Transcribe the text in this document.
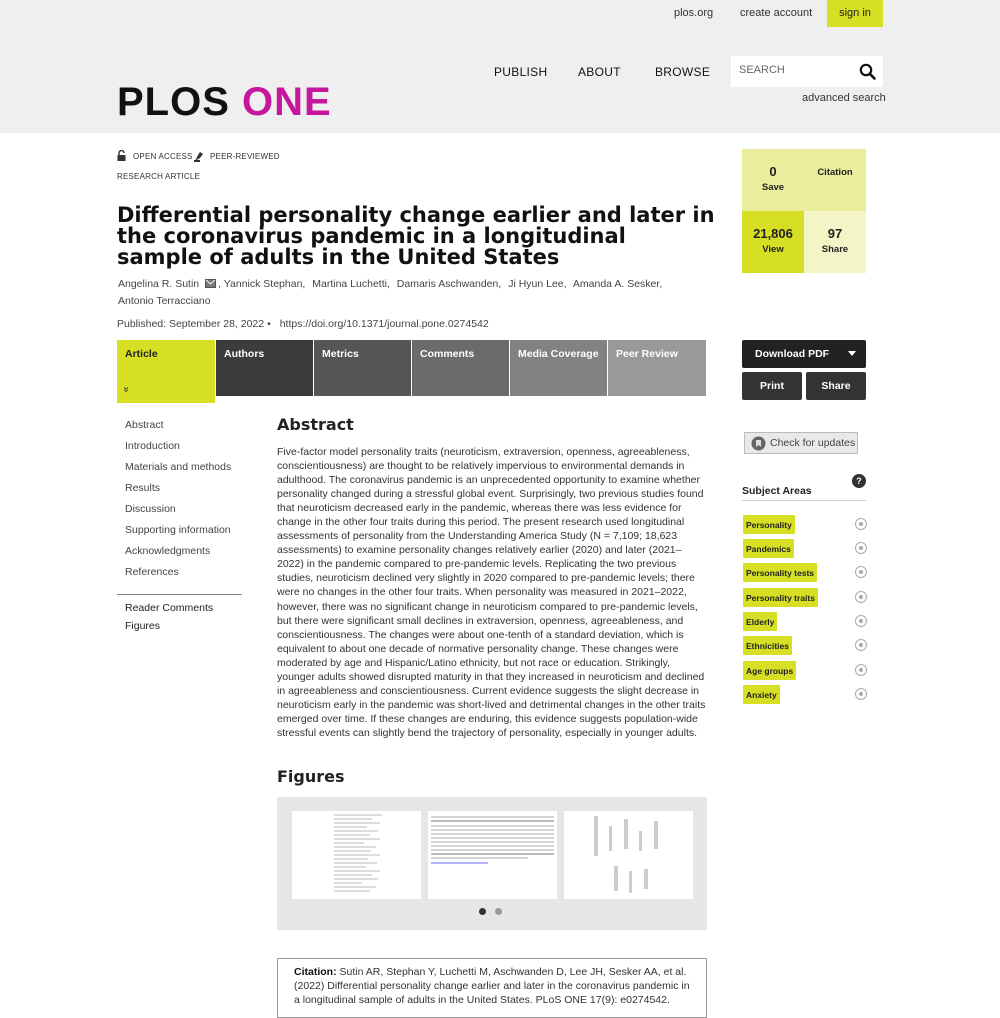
plos.org create account	sign in
PLOS ONE
PUBLISH	ABOUT	BROWSE
SEARCH
advanced search
OPEN ACCESS PEER-REVIEWED
RESEARCH ARTICLE
Differential personality change earlier and later in the coronavirus pandemic in a longitudinal sample of adults in the United States
Angelina R. Sutin , Yannick Stephan, Martina Luchetti, Damaris Aschwanden, Ji Hyun Lee, Amanda A. Sesker,
Antonio Terracciano
Published: September 28, 2022 • https://doi.org/10.1371/journal.pone.0274542
0
Save
Citation
21,806
View
97
Share
Article
»
Authors	Metrics	Comments	Media Coverage	Peer Review	Download PDF
Print	Share
Check for updates
?
Subject Areas
Personality
Pandemics
Personality tests
Personality traits
Elderly
Ethnicities
Age groups
Anxiety
Abstract
Introduction
Materials and methods
Results
Discussion
Supporting information
Acknowledgments
References
Reader Comments
Figures
Abstract

Five-factor model personality traits (neuroticism, extraversion, openness, agreeableness, conscientiousness) are thought to be relatively impervious to environmental demands in adulthood. The coronavirus pandemic is an unprecedented opportunity to examine whether personality changed during a stressful global event. Surprisingly, two previous studies found that neuroticism decreased early in the pandemic, whereas there was less evidence for change in the other four traits during this period. The present research used longitudinal assessments of personality from the Understanding America Study (N = 7,109; 18,623 assessments) to examine personality changes relatively earlier (2020) and later (2021–2022) in the pandemic compared to pre-pandemic levels. Replicating the two previous studies, neuroticism declined very slightly in 2020 compared to pre-pandemic levels; there were no changes in the other four traits. When personality was measured in 2021–2022, however, there was no significant change in neuroticism compared to pre-pandemic levels, but there were significant small declines in extraversion, openness, agreeableness, and conscientiousness. The changes were about one-tenth of a standard deviation, which is equivalent to about one decade of normative personality change. These changes were moderated by age and Hispanic/Latino ethnicity, but not race or education. Strikingly, younger adults showed disrupted maturity in that they increased in neuroticism and declined in agreeableness and conscientiousness. Current evidence suggests the slight decrease in neuroticism early in the pandemic was short-lived and detrimental changes in the other traits emerged over time. If these changes are enduring, this evidence suggests population-wide stressful events can slightly bend the trajectory of personality, especially in younger adults.

Figures
Citation: Sutin AR, Stephan Y, Luchetti M, Aschwanden D, Lee JH, Sesker AA, et al. (2022) Differential personality change earlier and later in the coronavirus pandemic in a longitudinal sample of adults in the United States. PLoS ONE 17(9): e0274542.
